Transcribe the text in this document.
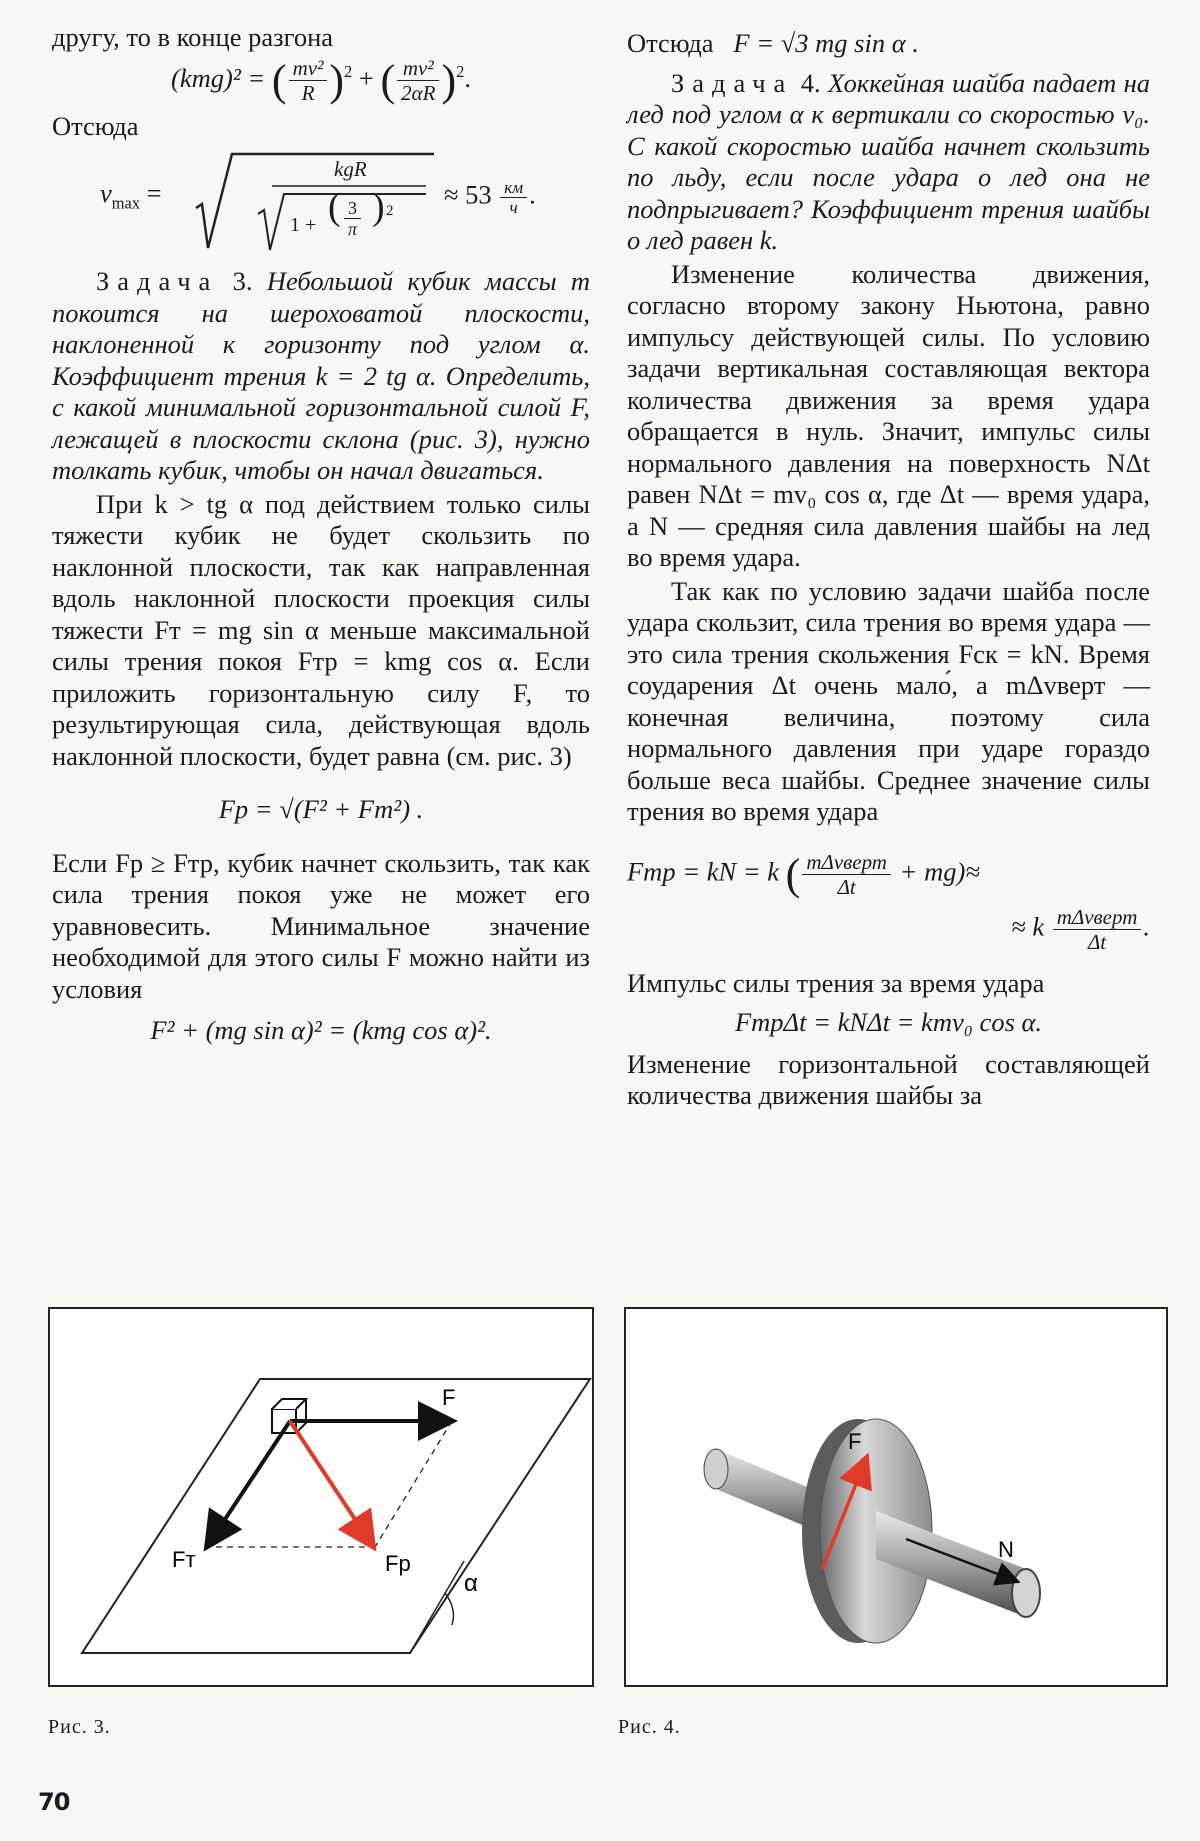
другу, то в конце разгона

(kmg)² = ( $\frac{\text{mv²}}{R} )^2$ + ( $\frac{\text{mv²}}{2\alpha R} )^2$.

Отсюда

$v_{max}$ =
kgR
1 + ( $\frac{3}{\pi}$ ) 2
≈ $53 \frac{км}{ч}$ .

Задача 3. Небольшой кубик массы m покоится на шероховатой плоскости, наклоненной к горизонту под углом α. Коэффициент трения k = 2 tg α. Определить, с какой минимальной горизонтальной силой F, лежащей в плоскости склона (рис. 3), нужно толкать кубик, чтобы он начал двигаться.

При k > tg α под действием только силы тяжести кубик не будет скользить по наклонной плоскости, так как направленная вдоль наклонной плоскости проекция силы тяжести Fт = mg sin α меньше максимальной силы трения покоя Fтр = kmg cos α. Если приложить горизонтальную силу F, то результирующая сила, действующая вдоль наклонной плоскости, будет равна (см. рис. 3)

Fр = √(F² + Fт²) .

Если Fр ≥ Fтр, кубик начнет скользить, так как сила трения покоя уже не может его уравновесить. Минимальное значение необходимой для этого силы F можно найти из условия

F² + (mg sin α)² = (kmg cos α)².

Отсюда F = √3 mg sin α .

Задача 4. Хоккейная шайба падает на лед под углом α к вертикали со скоростью v₀. С какой скоростью шайба начнет скользить по льду, если после удара о лед она не подпрыгивает? Коэффициент трения шайбы о лед равен k.

Изменение количества движения, согласно второму закону Ньютона, равно импульсу действующей силы. По условию задачи вертикальная составляющая вектора количества движения за время удара обращается в нуль. Значит, импульс силы нормального давления на поверхность NΔt равен NΔt = mv₀ cos α, где Δt — время удара, а N — средняя сила давления шайбы на лед во время удара.

Так как по условию задачи шайба после удара скользит, сила трения во время удара — это сила трения скольжения Fск = kN. Время соударения Δt очень мало́, а mΔvверт — конечная величина, поэтому сила нормального давления при ударе гораздо больше веса шайбы. Среднее значение силы трения во время удара

Fтр = kN = k ( $\frac{\text{mΔvверт}}{\Delta t} + mg)\approx$
≈ k $\frac{\text{mΔvверт}}{\Delta t}$ .

Импульс силы трения за время удара

FтрΔt = kNΔt = kmv₀ cos α.

Изменение горизонтальной составляющей количества движения шайбы за

F
Fт	Fр
α
Рис. 3.
F
N
Рис. 4.
70
